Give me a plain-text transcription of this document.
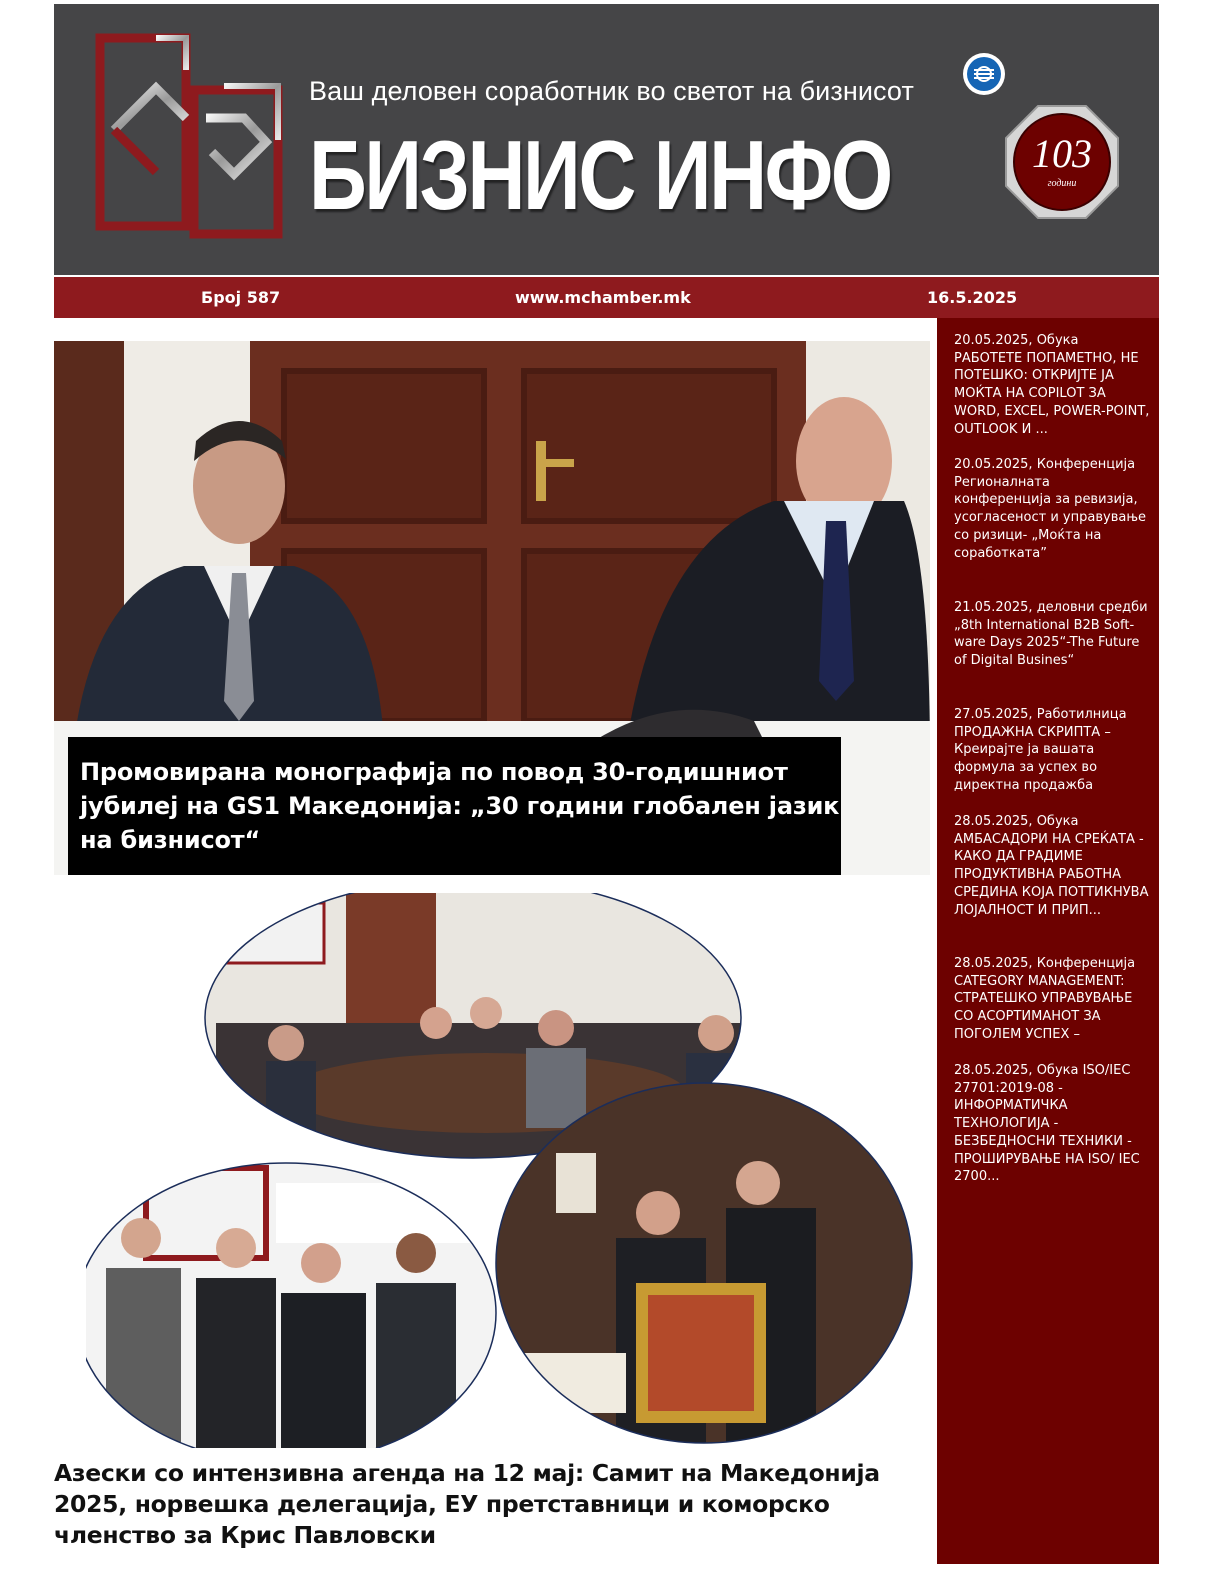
Ваш деловен соработник во светот на бизнисот
БИЗНИС ИНФО	103
години
Број 587	www.mchamber.mk	16.5.2025
20.05.2025, Обука РАБОТЕТЕ ПОПАМЕТНО, НЕ ПОТЕШКО: ОТКРИЈТЕ ЈА МОЌТА НА COPILOT ЗА WORD, EXCEL, POWER-POINT, OUTLOOK И ...
20.05.2025, Конференција Регионалната конференција за ревизија, усогласеност и управување со ризици- „Моќта на соработката”
21.05.2025, деловни средби „8th International B2B Soft-ware Days 2025“-The Future of Digital Busines“
27.05.2025, Работилница ПРОДАЖНА СКРИПТА – Креирајте ја вашата формула за успех во директна продажба
28.05.2025, Обука АМБАСАДОРИ НА СРЕЌАТА - КАКО ДА ГРАДИМЕ ПРОДУКТИВНА РАБОТНА СРЕДИНА КОЈА ПОТТИКНУВА ЛОЈАЛНОСТ И ПРИП...
28.05.2025, Конференција CATEGORY MANAGEMENT: СТРАТЕШКО УПРАВУВАЊЕ СО АСОРТИМАНОТ ЗА ПОГОЛЕМ УСПЕХ –
28.05.2025, Обука ISO/IEC 27701:2019-08 - ИНФОРМАТИЧКА ТЕХНОЛОГИЈА - БЕЗБЕДНОСНИ ТЕХНИКИ - ПРОШИРУВАЊЕ НА ISO/ IEC 2700...
Промовирана монографија по повод 30-годишниот јубилеј на GS1 Македонија: „30 години глобален јазик на бизнисот“
Азески со интензивна агенда на 12 мај: Самит на Македонија 2025, норвешка делегација, ЕУ претставници и коморско членство за Крис Павловски
